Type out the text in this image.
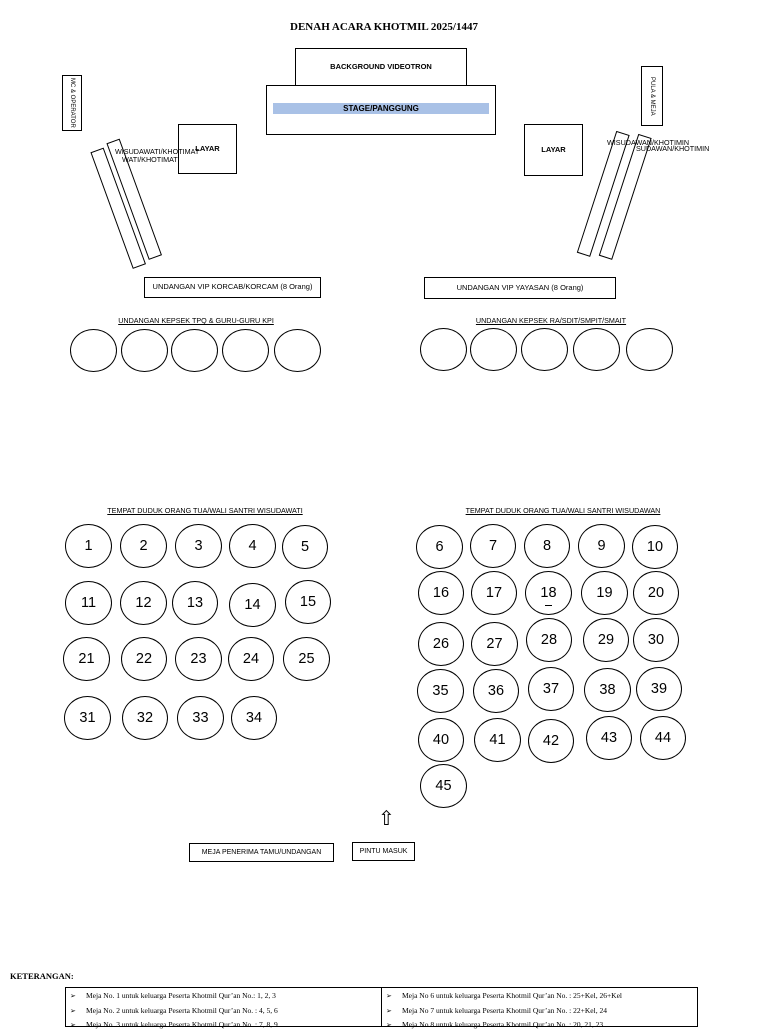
DENAH ACARA KHOTMIL 2025/1447
BACKGROUND VIDEOTRON
STAGE/PANGGUNG
MC & OPERATOR	PULA & MEJA
LAYAR	LAYAR
WISUDAWATI/KHOTIMAT
WATI/KHOTIMAT
WISUDAWAN/KHOTIMIN
SUDAWAN/KHOTIMIN
UNDANGAN VIP KORCAB/KORCAM (8 Orang)	UNDANGAN VIP YAYASAN (8 Orang)
UNDANGAN KEPSEK TPQ & GURU-GURU KPI	UNDANGAN KEPSEK RA/SDIT/SMPIT/SMAIT
TEMPAT DUDUK ORANG TUA/WALI SANTRI WISUDAWATI	TEMPAT DUDUK ORANG TUA/WALI SANTRI WISUDAWAN
1	2	3	4	5	6	7	8	9	10
11	12 13	14	15
16	17	18	19 20
21	22	23	24	25
26	27	28	29 30
31	32	33	34
35	36	37	38 39
40	41	42	43	44
45
⇧
MEJA PENERIMA TAMU/UNDANGAN	PINTU MASUK
KETERANGAN:
➢ Meja No. 1 untuk keluarga Peserta Khotmil Qur’an No.: 1, 2, 3
➢ Meja No. 2 untuk keluarga Peserta Khotmil Qur’an No. : 4, 5, 6
➢ Meja No. 3 untuk keluarga Peserta Khotmil Qur’an No. : 7, 8, 9
➢ Meja No 6 untuk keluarga Peserta Khotmil Qur’an No. : 25+Kel, 26+Kel
➢ Meja No 7 untuk keluarga Peserta Khotmil Qur’an No. : 22+Kel, 24
➢ Meja No 8 untuk keluarga Peserta Khotmil Qur’an No. : 20, 21, 23
